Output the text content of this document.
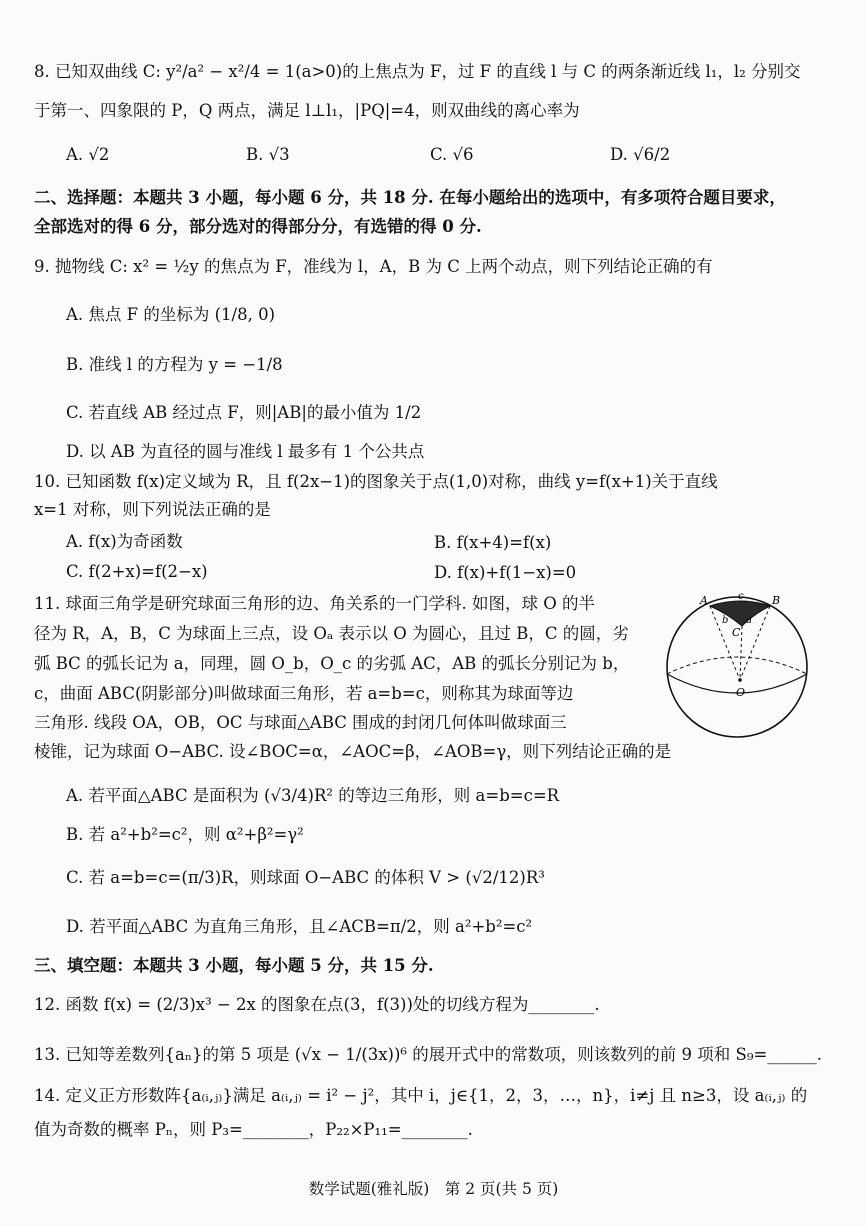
8. 已知双曲线 C: y²/a² − x²/4 = 1(a>0)的上焦点为 F，过 F 的直线 l 与 C 的两条渐近线 l₁，l₂ 分别交
于第一、四象限的 P，Q 两点，满足 l⊥l₁，|PQ|=4，则双曲线的离心率为
A. √2	B. √3	C. √6	D. √6/2
二、选择题：本题共 3 小题，每小题 6 分，共 18 分. 在每小题给出的选项中，有多项符合题目要求，
全部选对的得 6 分，部分选对的得部分分，有选错的得 0 分.
9. 抛物线 C: x² = ½y 的焦点为 F，准线为 l，A，B 为 C 上两个动点，则下列结论正确的有
A. 焦点 F 的坐标为 (1/8, 0)
B. 准线 l 的方程为 y = −1/8
C. 若直线 AB 经过点 F，则|AB|的最小值为 1/2
D. 以 AB 为直径的圆与准线 l 最多有 1 个公共点
10. 已知函数 f(x)定义域为 R，且 f(2x−1)的图象关于点(1,0)对称，曲线 y=f(x+1)关于直线
x=1 对称，则下列说法正确的是
A. f(x)为奇函数	B. f(x+4)=f(x)
C. f(2+x)=f(2−x)	D. f(x)+f(1−x)=0
11. 球面三角学是研究球面三角形的边、角关系的一门学科. 如图，球 O 的半
径为 R，A，B，C 为球面上三点，设 Oₐ 表示以 O 为圆心，且过 B，C 的圆，劣
弧 BC 的弧长记为 a，同理，圆 O_b，O_c 的劣弧 AC，AB 的弧长分别记为 b，
c，曲面 ABC(阴影部分)叫做球面三角形，若 a=b=c，则称其为球面等边
三角形. 线段 OA，OB，OC 与球面△ABC 围成的封闭几何体叫做球面三
棱锥，记为球面 O−ABC. 设∠BOC=α，∠AOC=β，∠AOB=γ，则下列结论正确的是
A	B
C
O
a
b
c
A. 若平面△ABC 是面积为 (√3/4)R² 的等边三角形，则 a=b=c=R
B. 若 a²+b²=c²，则 α²+β²=γ²
C. 若 a=b=c=(π/3)R，则球面 O−ABC 的体积 V > (√2/12)R³
D. 若平面△ABC 为直角三角形，且∠ACB=π/2，则 a²+b²=c²
三、填空题：本题共 3 小题，每小题 5 分，共 15 分.
12. 函数 f(x) = (2/3)x³ − 2x 的图象在点(3，f(3))处的切线方程为________.
13. 已知等差数列{aₙ}的第 5 项是 (√x − 1/(3x))⁶ 的展开式中的常数项，则该数列的前 9 项和 S₉=______.
14. 定义正方形数阵{a₍ᵢ,ⱼ₎}满足 a₍ᵢ,ⱼ₎ = i² − j²，其中 i，j∈{1，2，3，…，n}，i≠j 且 n≥3，设 a₍ᵢ,ⱼ₎ 的
值为奇数的概率 Pₙ，则 P₃=________，P₂₂×P₁₁=________.
数学试题(雅礼版)　第 2 页(共 5 页)
